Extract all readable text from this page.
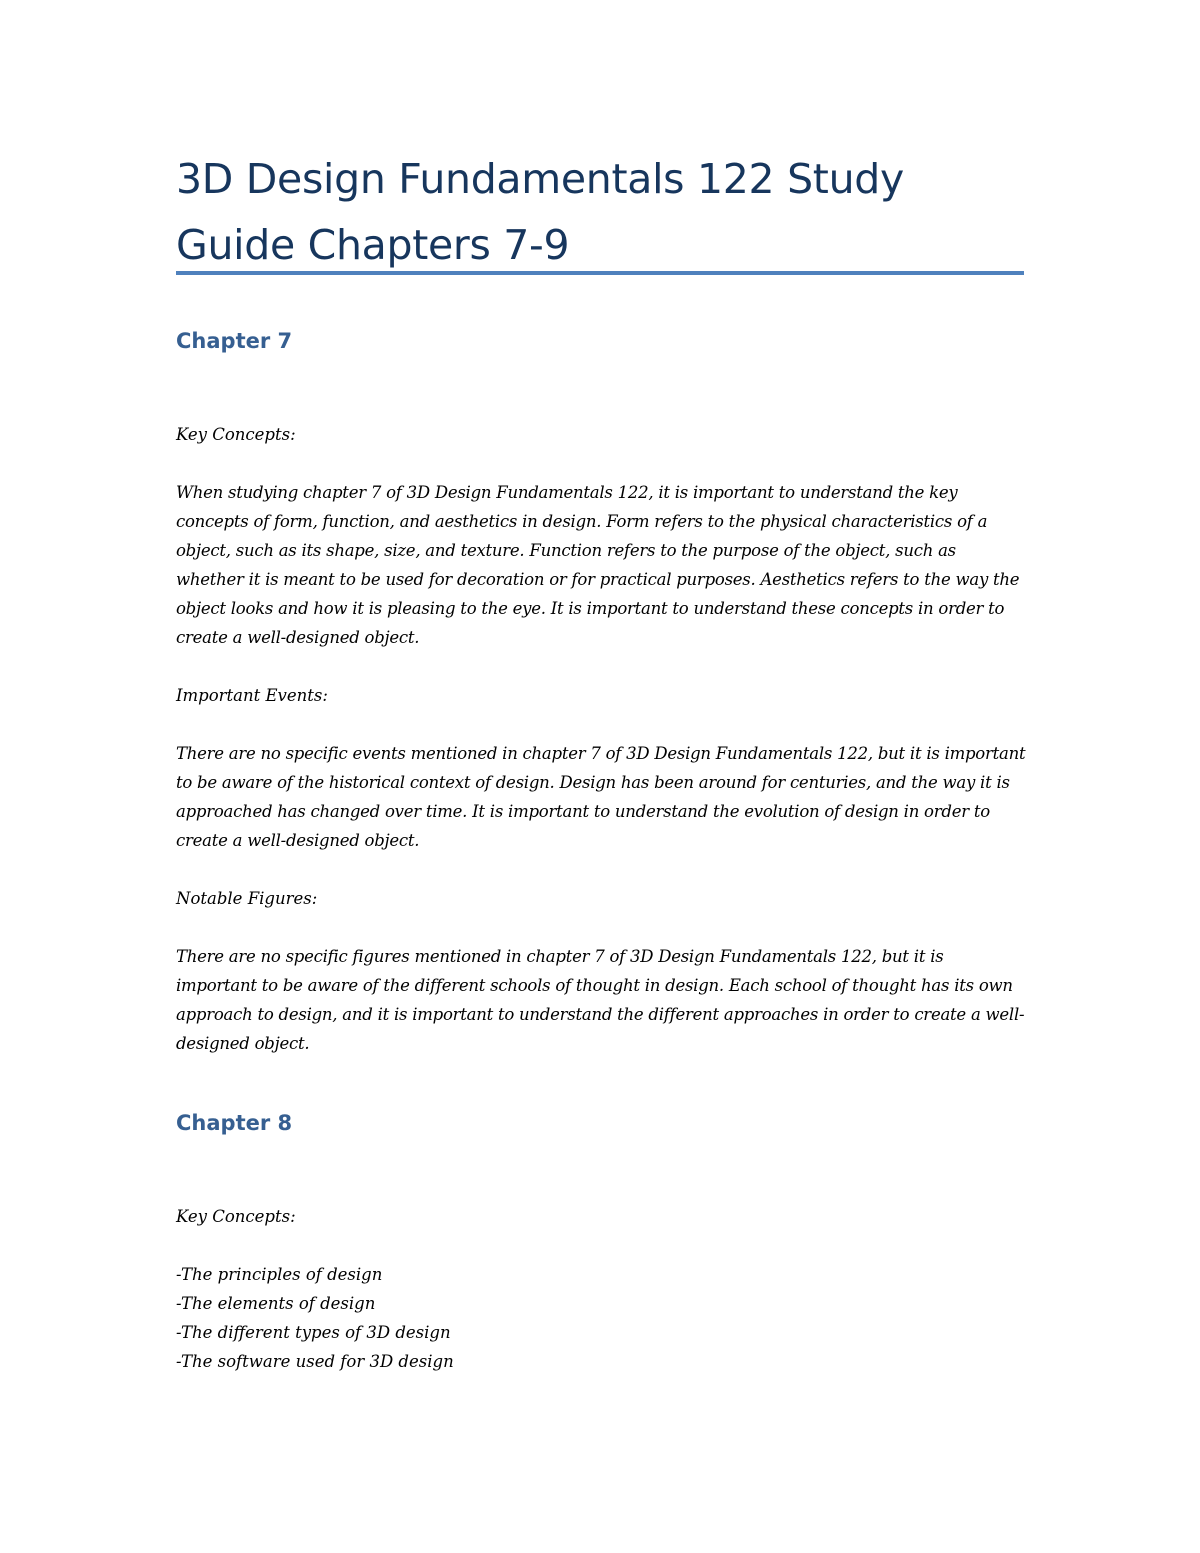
3D Design Fundamentals 122 Study Guide Chapters 7-9
Chapter 7

Key Concepts:

When studying chapter 7 of 3D Design Fundamentals 122, it is important to understand the key concepts of form, function, and aesthetics in design. Form refers to the physical characteristics of a object, such as its shape, size, and texture. Function refers to the purpose of the object, such as whether it is meant to be used for decoration or for practical purposes. Aesthetics refers to the way the object looks and how it is pleasing to the eye. It is important to understand these concepts in order to create a well-designed object.

Important Events:

There are no specific events mentioned in chapter 7 of 3D Design Fundamentals 122, but it is important to be aware of the historical context of design. Design has been around for centuries, and the way it is approached has changed over time. It is important to understand the evolution of design in order to create a well-designed object.

Notable Figures:

There are no specific figures mentioned in chapter 7 of 3D Design Fundamentals 122, but it is important to be aware of the different schools of thought in design. Each school of thought has its own approach to design, and it is important to understand the different approaches in order to create a well-designed object.

Chapter 8

Key Concepts:

-The principles of design

-The elements of design

-The different types of 3D design

-The software used for 3D design
